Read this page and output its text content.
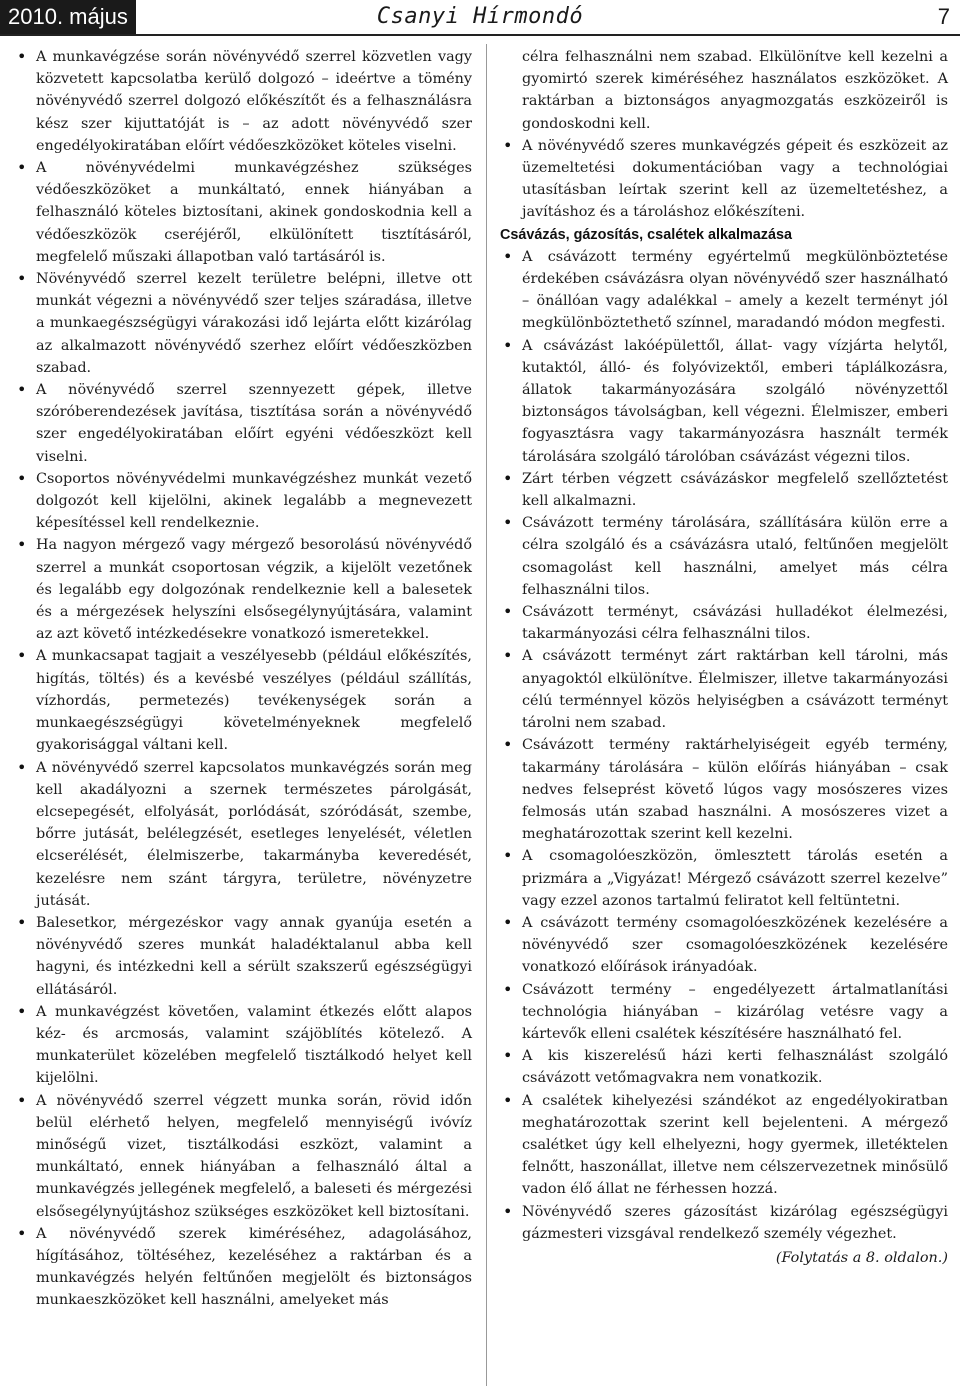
2010. május	Csanyi Hírmondó	7
• A munkavégzése során növényvédő szerrel közvetlen vagy közvetett kapcsolatba kerülő dolgozó – ideértve a tömény növényvédő szerrel dolgozó előkészítőt és a felhasználásra kész szer kijuttatóját is – az adott növényvédő szer engedélyokiratában előírt védőeszközöket köteles viselni.
• A növényvédelmi munkavégzéshez szükséges védőeszközöket a munkáltató, ennek hiányában a felhasználó köteles biztosítani, akinek gondoskodnia kell a védőeszközök cseréjéről, elkülönített tisztításáról, megfelelő műszaki állapotban való tartásáról is.
• Növényvédő szerrel kezelt területre belépni, illetve ott munkát végezni a növényvédő szer teljes száradása, illetve a munkaegészségügyi várakozási idő lejárta előtt kizárólag az alkalmazott növényvédő szerhez előírt védőeszközben szabad.
• A növényvédő szerrel szennyezett gépek, illetve szóróberendezések javítása, tisztítása során a növényvédő szer engedélyokiratában előírt egyéni védőeszközt kell viselni.
• Csoportos növényvédelmi munkavégzéshez munkát vezető dolgozót kell kijelölni, akinek legalább a megnevezett képesítéssel kell rendelkeznie.
• Ha nagyon mérgező vagy mérgező besorolású növényvédő szerrel a munkát csoportosan végzik, a kijelölt vezetőnek és legalább egy dolgozónak rendelkeznie kell a balesetek és a mérgezések helyszíni elsősegélynyújtására, valamint az azt követő intézkedésekre vonatkozó ismeretekkel.
• A munkacsapat tagjait a veszélyesebb (például előkészítés, higítás, töltés) és a kevésbé veszélyes (például szállítás, vízhordás, permetezés) tevékenységek során a munkaegészségügyi követelményeknek megfelelő gyakorisággal váltani kell.
• A növényvédő szerrel kapcsolatos munkavégzés során meg kell akadályozni a szernek természetes párolgását, elcsepegését, elfolyását, porlódását, szóródását, szembe, bőrre jutását, belélegzését, esetleges lenyelését, véletlen elcserélését, élelmiszerbe, takarmányba keveredését, kezelésre nem szánt tárgyra, területre, növényzetre jutását.
• Balesetkor, mérgezéskor vagy annak gyanúja esetén a növényvédő szeres munkát haladéktalanul abba kell hagyni, és intézkedni kell a sérült szakszerű egészségügyi ellátásáról.
• A munkavégzést követően, valamint étkezés előtt alapos kéz- és arcmosás, valamint szájöblítés kötelező. A munkaterület közelében megfelelő tisztálkodó helyet kell kijelölni.
• A növényvédő szerrel végzett munka során, rövid időn belül elérhető helyen, megfelelő mennyiségű ivóvíz minőségű vizet, tisztálkodási eszközt, valamint a munkáltató, ennek hiányában a felhasználó által a munkavégzés jellegének megfelelő, a baleseti és mérgezési elsősegélynyújtáshoz szükséges eszközöket kell biztosítani.
• A növényvédő szerek kiméréséhez, adagolásához, hígításához, töltéséhez, kezeléséhez a raktárban és a munkavégzés helyén feltűnően megjelölt és biztonságos munkaeszközöket kell használni, amelyeket más
célra felhasználni nem szabad. Elkülönítve kell kezelni a gyomirtó szerek kiméréséhez használatos eszközöket. A raktárban a biztonságos anyagmozgatás eszközeiről is gondoskodni kell.
• A növényvédő szeres munkavégzés gépeit és eszközeit az üzemeltetési dokumentációban vagy a technológiai utasításban leírtak szerint kell az üzemeltetéshez, a javításhoz és a tároláshoz előkészíteni.
Csávázás, gázosítás, csalétek alkalmazása
• A csávázott termény egyértelmű megkülönböztetése érdekében csávázásra olyan növényvédő szer használható – önállóan vagy adalékkal – amely a kezelt terményt jól megkülönböztethető színnel, maradandó módon megfesti.
• A csávázást lakóépülettől, állat- vagy vízjárta helytől, kutaktól, álló- és folyóvizektől, emberi táplálkozásra, állatok takarmányozására szolgáló növényzettől biztonságos távolságban, kell végezni. Élelmiszer, emberi fogyasztásra vagy takarmányozásra használt termék tárolására szolgáló tárolóban csávázást végezni tilos.
• Zárt térben végzett csávázáskor megfelelő szellőztetést kell alkalmazni.
• Csávázott termény tárolására, szállítására külön erre a célra szolgáló és a csávázásra utaló, feltűnően megjelölt csomagolást kell használni, amelyet más célra felhasználni tilos.
• Csávázott terményt, csávázási hulladékot élelmezési, takarmányozási célra felhasználni tilos.
• A csávázott terményt zárt raktárban kell tárolni, más anyagoktól elkülönítve. Élelmiszer, illetve takarmányozási célú terménnyel közös helyiségben a csávázott terményt tárolni nem szabad.
• Csávázott termény raktárhelyiségeit egyéb termény, takarmány tárolására – külön előírás hiányában – csak nedves felseprést követő lúgos vagy mosószeres vizes felmosás után szabad használni. A mosószeres vizet a meghatározottak szerint kell kezelni.
• A csomagolóeszközön, ömlesztett tárolás esetén a prizmára a „Vigyázat! Mérgező csávázott szerrel kezelve” vagy ezzel azonos tartalmú feliratot kell feltüntetni.
• A csávázott termény csomagolóeszközének kezelésére a növényvédő szer csomagolóeszközének kezelésére vonatkozó előírások irányadóak.
• Csávázott termény – engedélyezett ártalmatlanítási technológia hiányában – kizárólag vetésre vagy a kártevők elleni csalétek készítésére használható fel.
• A kis kiszerelésű házi kerti felhasználást szolgáló csávázott vetőmagvakra nem vonatkozik.
• A csalétek kihelyezési szándékot az engedélyokiratban meghatározottak szerint kell bejelenteni. A mérgező csalétket úgy kell elhelyezni, hogy gyermek, illetéktelen felnőtt, haszonállat, illetve nem célszervezetnek minősülő vadon élő állat ne férhessen hozzá.
• Növényvédő szeres gázosítást kizárólag egészségügyi gázmesteri vizsgával rendelkező személy végezhet.
(Folytatás a 8. oldalon.)
